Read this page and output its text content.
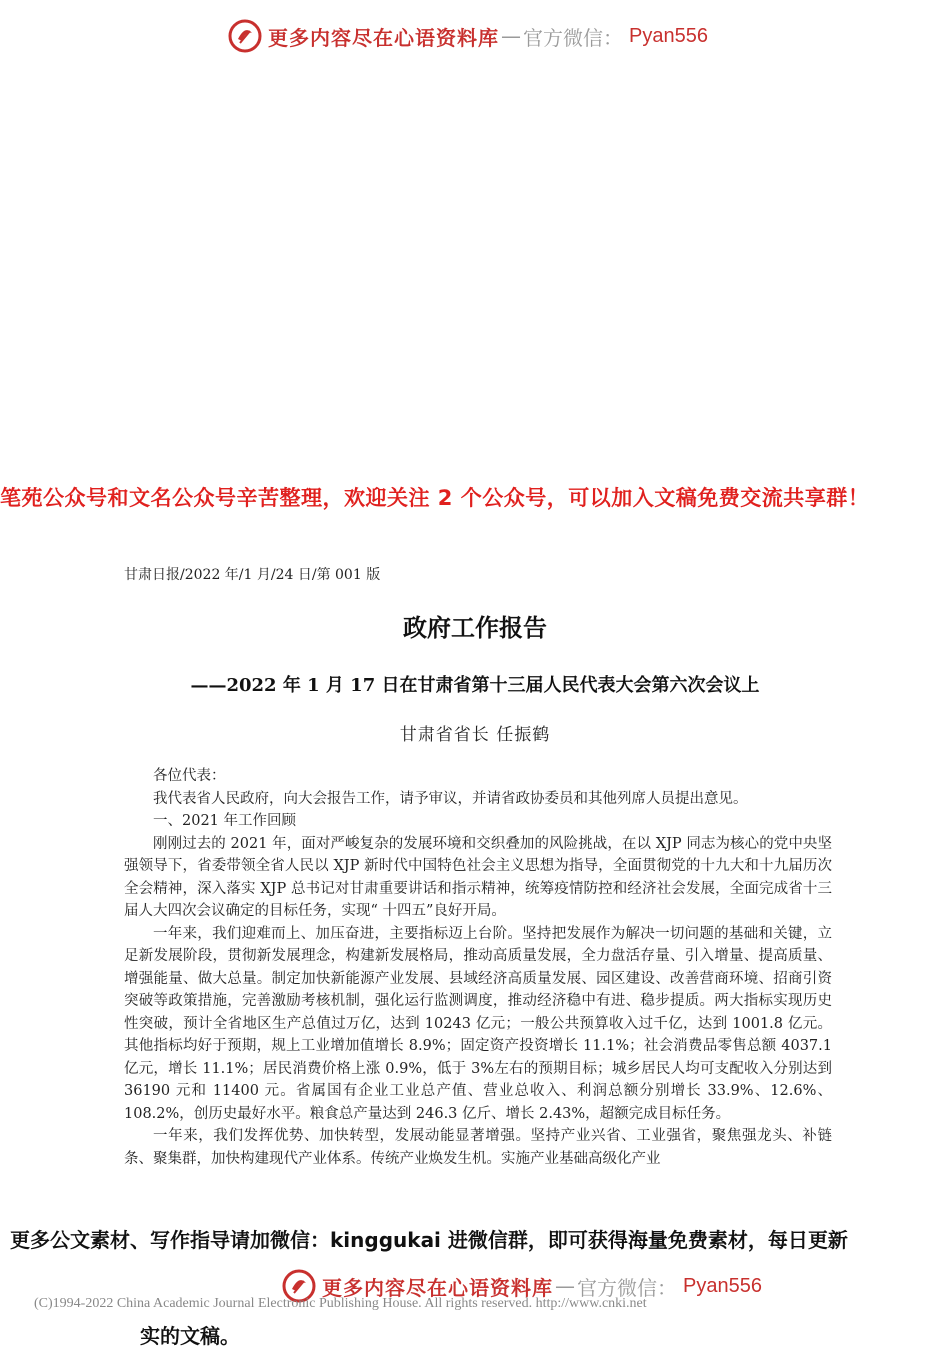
更多内容尽在心语资料库 — 官方微信： Pyan556
笔苑公众号和文名公众号辛苦整理，欢迎关注 2 个公众号，可以加入文稿免费交流共享群！
甘肃日报/2022 年/1 月/24 日/第 001 版
政府工作报告
——2022 年 1 月 17 日在甘肃省第十三届人民代表大会第六次会议上
甘肃省省长 任振鹤

各位代表：

我代表省人民政府，向大会报告工作，请予审议，并请省政协委员和其他列席人员提出意见。

一、2021 年工作回顾

刚刚过去的 2021 年，面对严峻复杂的发展环境和交织叠加的风险挑战，在以 XJP 同志为核心的党中央坚强领导下，省委带领全省人民以 XJP 新时代中国特色社会主义思想为指导，全面贯彻党的十九大和十九届历次全会精神，深入落实 XJP 总书记对甘肃重要讲话和指示精神，统筹疫情防控和经济社会发展，全面完成省十三届人大四次会议确定的目标任务，实现“ 十四五”良好开局。

一年来，我们迎难而上、加压奋进，主要指标迈上台阶。坚持把发展作为解决一切问题的基础和关键，立足新发展阶段，贯彻新发展理念，构建新发展格局，推动高质量发展，全力盘活存量、引入增量、提高质量、增强能量、做大总量。制定加快新能源产业发展、县域经济高质量发展、园区建设、改善营商环境、招商引资突破等政策措施，完善激励考核机制，强化运行监测调度，推动经济稳中有进、稳步提质。两大指标实现历史性突破，预计全省地区生产总值过万亿，达到 10243 亿元；一般公共预算收入过千亿，达到 1001.8 亿元。其他指标均好于预期，规上工业增加值增长 8.9%；固定资产投资增长 11.1%；社会消费品零售总额 4037.1 亿元，增长 11.1%；居民消费价格上涨 0.9%，低于 3%左右的预期目标；城乡居民人均可支配收入分别达到 36190 元和 11400 元。省属国有企业工业总产值、营业总收入、利润总额分别增长 33.9%、12.6%、108.2%，创历史最好水平。粮食总产量达到 246.3 亿斤、增长 2.43%，超额完成目标任务。

一年来，我们发挥优势、加快转型，发展动能显著增强。坚持产业兴省、工业强省，聚焦强龙头、补链条、聚集群，加快构建现代产业体系。传统产业焕发生机。实施产业基础高级化产业

实的文稿。
更多公文素材、写作指导请加微信：kinggukai 进微信群，即可获得海量免费素材，每日更新
更多内容尽在心语资料库 — 官方微信： Pyan556
(C)1994-2022 China Academic Journal Electronic Publishing House. All rights reserved. http://www.cnki.net
